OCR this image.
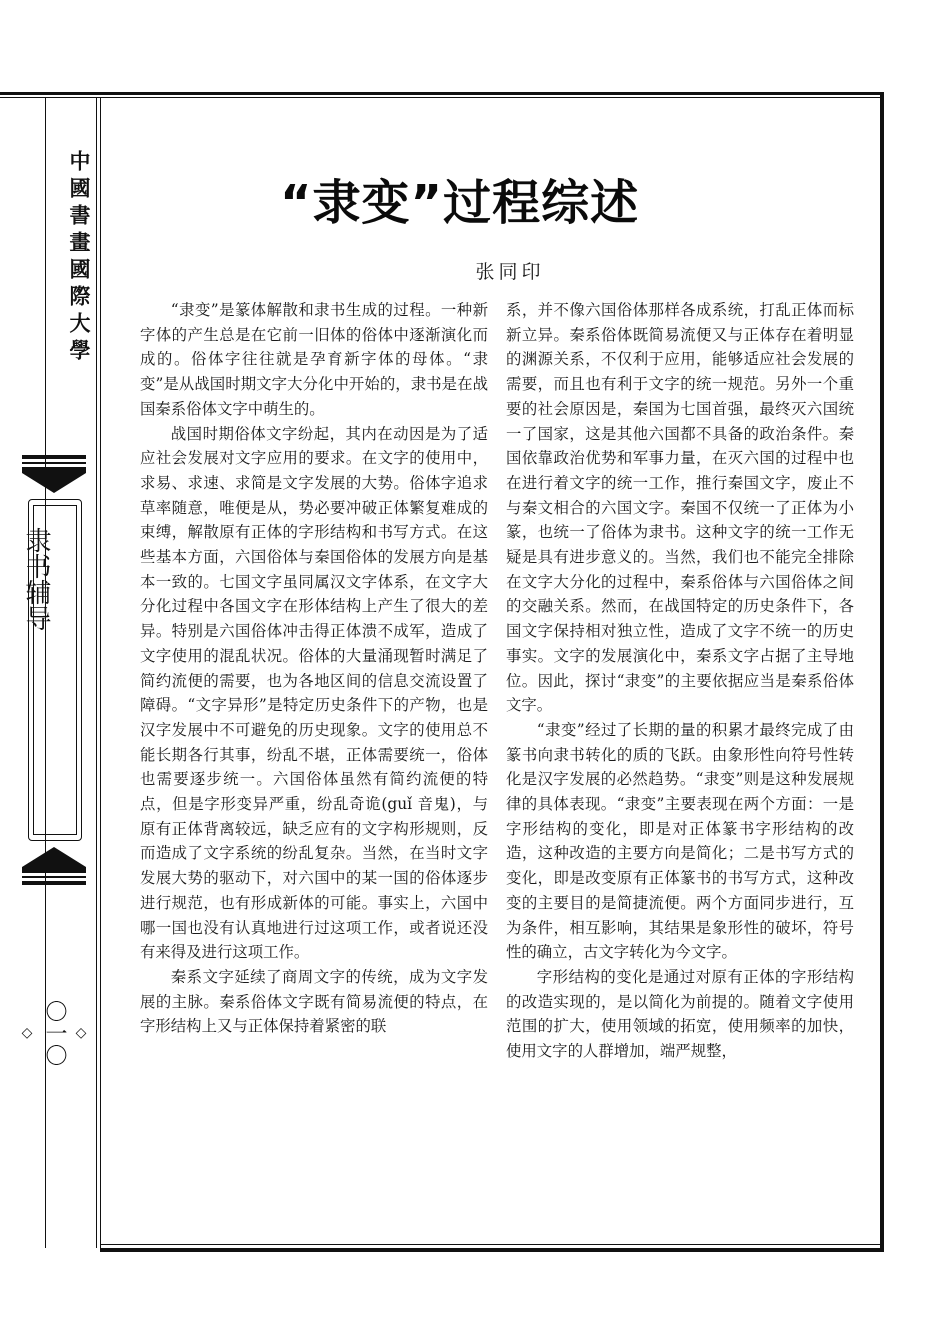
中國書畫國際大學
隶书辅导
◇
〇一〇
◇
“隶变”过程综述
张同印

“隶变”是篆体解散和隶书生成的过程。一种新字体的产生总是在它前一旧体的俗体中逐渐演化而成的。俗体字往往就是孕育新字体的母体。“隶变”是从战国时期文字大分化中开始的，隶书是在战国秦系俗体文字中萌生的。

战国时期俗体文字纷起，其内在动因是为了适应社会发展对文字应用的要求。在文字的使用中，求易、求速、求简是文字发展的大势。俗体字追求草率随意，唯便是从，势必要冲破正体繁复难成的束缚，解散原有正体的字形结构和书写方式。在这些基本方面，六国俗体与秦国俗体的发展方向是基本一致的。七国文字虽同属汉文字体系，在文字大分化过程中各国文字在形体结构上产生了很大的差异。特别是六国俗体冲击得正体溃不成军，造成了文字使用的混乱状况。俗体的大量涌现暂时满足了简约流便的需要，也为各地区间的信息交流设置了障碍。“文字异形”是特定历史条件下的产物，也是汉字发展中不可避免的历史现象。文字的使用总不能长期各行其事，纷乱不堪，正体需要统一，俗体也需要逐步统一。六国俗体虽然有简约流便的特点，但是字形变异严重，纷乱奇诡(guǐ 音鬼)，与原有正体背离较远，缺乏应有的文字构形规则，反而造成了文字系统的纷乱复杂。当然，在当时文字发展大势的驱动下，对六国中的某一国的俗体逐步进行规范，也有形成新体的可能。事实上，六国中哪一国也没有认真地进行过这项工作，或者说还没有来得及进行这项工作。

秦系文字延续了商周文字的传统，成为文字发展的主脉。秦系俗体文字既有简易流便的特点，在字形结构上又与正体保持着紧密的联

系，并不像六国俗体那样各成系统，打乱正体而标新立异。秦系俗体既简易流便又与正体存在着明显的渊源关系，不仅利于应用，能够适应社会发展的需要，而且也有利于文字的统一规范。另外一个重要的社会原因是，秦国为七国首强，最终灭六国统一了国家，这是其他六国都不具备的政治条件。秦国依靠政治优势和军事力量，在灭六国的过程中也在进行着文字的统一工作，推行秦国文字，废止不与秦文相合的六国文字。秦国不仅统一了正体为小篆，也统一了俗体为隶书。这种文字的统一工作无疑是具有进步意义的。当然，我们也不能完全排除在文字大分化的过程中，秦系俗体与六国俗体之间的交融关系。然而，在战国特定的历史条件下，各国文字保持相对独立性，造成了文字不统一的历史事实。文字的发展演化中，秦系文字占据了主导地位。因此，探讨“隶变”的主要依据应当是秦系俗体文字。

“隶变”经过了长期的量的积累才最终完成了由篆书向隶书转化的质的飞跃。由象形性向符号性转化是汉字发展的必然趋势。“隶变”则是这种发展规律的具体表现。“隶变”主要表现在两个方面：一是字形结构的变化，即是对正体篆书字形结构的改造，这种改造的主要方向是简化；二是书写方式的变化，即是改变原有正体篆书的书写方式，这种改变的主要目的是简捷流便。两个方面同步进行，互为条件，相互影响，其结果是象形性的破坏，符号性的确立，古文字转化为今文字。

字形结构的变化是通过对原有正体的字形结构的改造实现的，是以简化为前提的。随着文字使用范围的扩大，使用领域的拓宽，使用频率的加快，使用文字的人群增加，端严规整，
